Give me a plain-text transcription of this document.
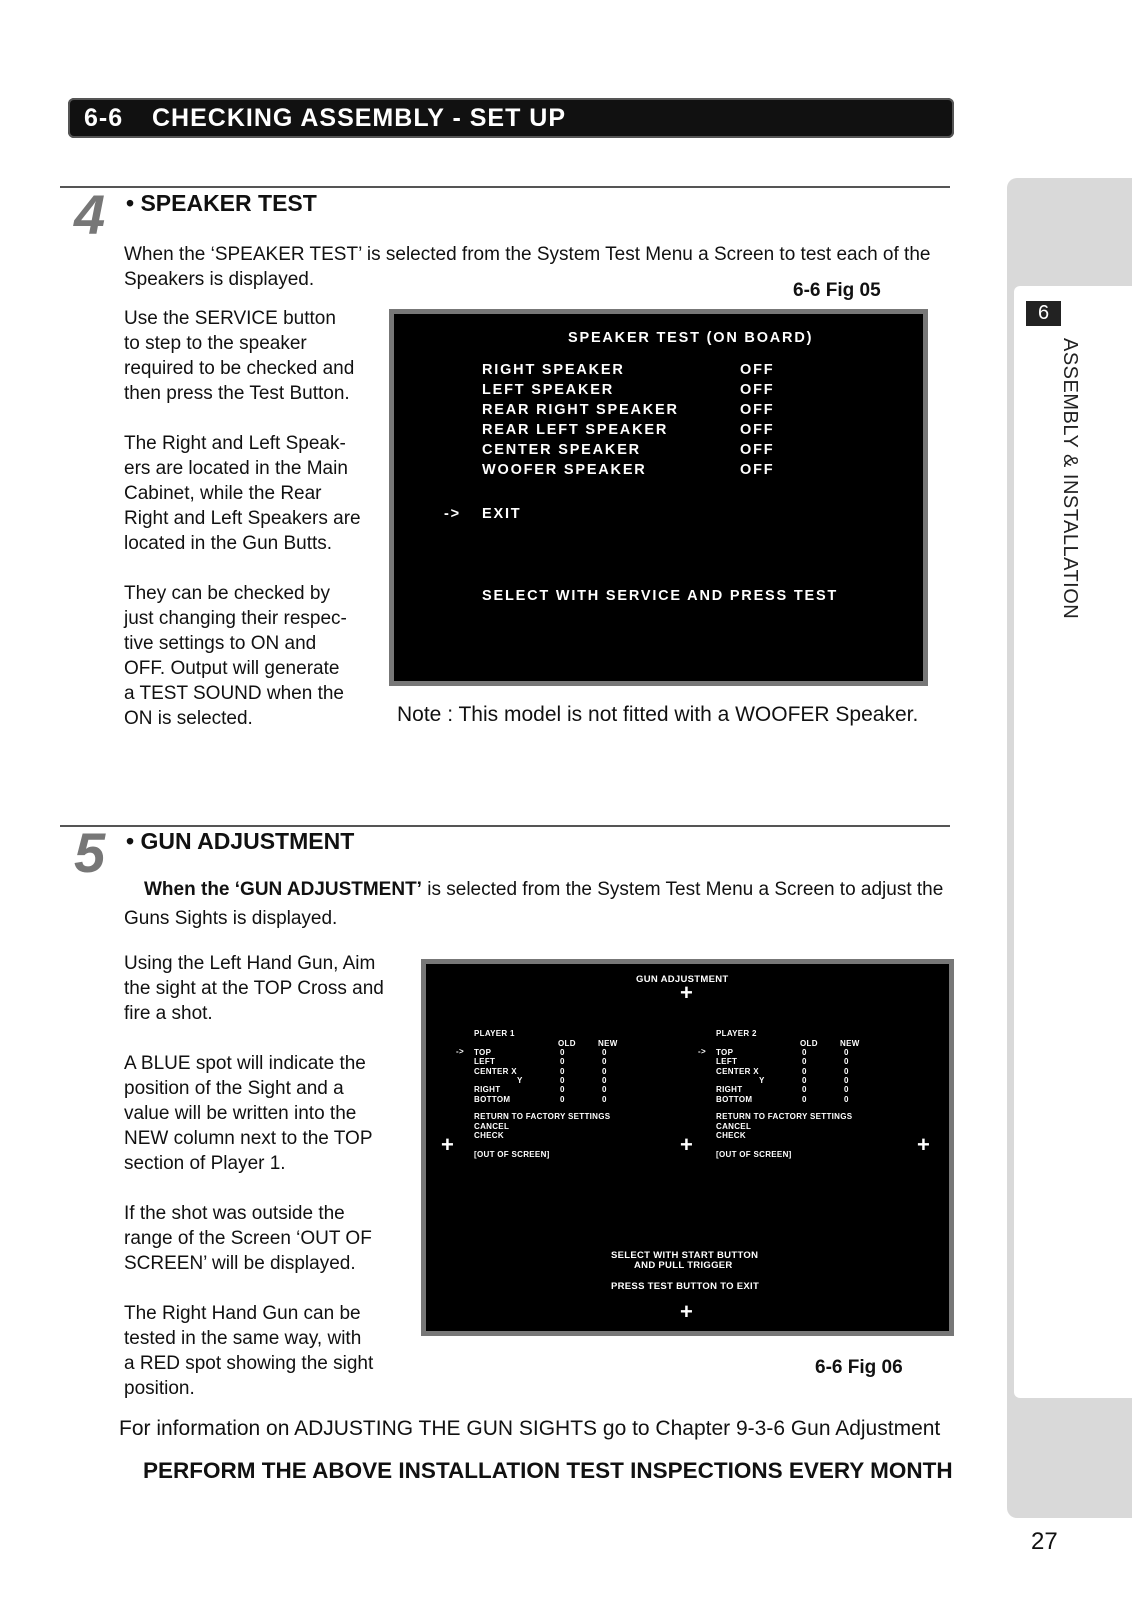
6-6 CHECKING ASSEMBLY - SET UP
6
ASSEMBLY & INSTALLATION
4 • SPEAKER TEST
When the ‘SPEAKER TEST’ is selected from the System Test Menu a Screen to test each of the
Speakers is displayed.
6-6 Fig 05
Use the SERVICE button
to step to the speaker
required to be checked and
then press the Test Button.

The Right and Left Speak-
ers are located in the Main
Cabinet, while the Rear
Right and Left Speakers are
located in the Gun Butts.

They can be checked by
just changing their respec-
tive settings to ON and
OFF. Output will generate
a TEST SOUND when the
ON is selected.
SPEAKER TEST (ON BOARD)
RIGHT SPEAKER	OFF
LEFT SPEAKER	OFF
REAR RIGHT SPEAKER	OFF
REAR LEFT SPEAKER	OFF
CENTER SPEAKER	OFF
WOOFER SPEAKER	OFF
-> EXIT
SELECT WITH SERVICE AND PRESS TEST
Note : This model is not fitted with a WOOFER Speaker.
5 • GUN ADJUSTMENT
When the ‘GUN ADJUSTMENT’ is selected from the System Test Menu a Screen to adjust the
Guns Sights is displayed.
Using the Left Hand Gun, Aim
the sight at the TOP Cross and
fire a shot.

A BLUE spot will indicate the
position of the Sight and a
value will be written into the
NEW column next to the TOP
section of Player 1.

If the shot was outside the
range of the Screen ‘OUT OF
SCREEN’ will be displayed.

The Right Hand Gun can be
tested in the same way, with
a RED spot showing the sight
position.
GUN ADJUSTMENT
+
+	+	+
+
PLAYER 1
OLD	NEW
-> TOP	0	0
LEFT	0	0
CENTER X	0	0
Y	0	0
RIGHT	0	0
BOTTOM	0	0
RETURN TO FACTORY SETTINGS
CANCEL
CHECK
[OUT OF SCREEN]
PLAYER 2
OLD	NEW
-> TOP	0	0
LEFT	0	0
CENTER X	0	0
Y	0	0
RIGHT	0	0
BOTTOM	0	0
RETURN TO FACTORY SETTINGS
CANCEL
CHECK
[OUT OF SCREEN]
SELECT WITH START BUTTON
AND PULL TRIGGER
PRESS TEST BUTTON TO EXIT
6-6 Fig 06
For information on ADJUSTING THE GUN SIGHTS go to Chapter 9-3-6 Gun Adjustment
PERFORM THE ABOVE INSTALLATION TEST INSPECTIONS EVERY MONTH
27
